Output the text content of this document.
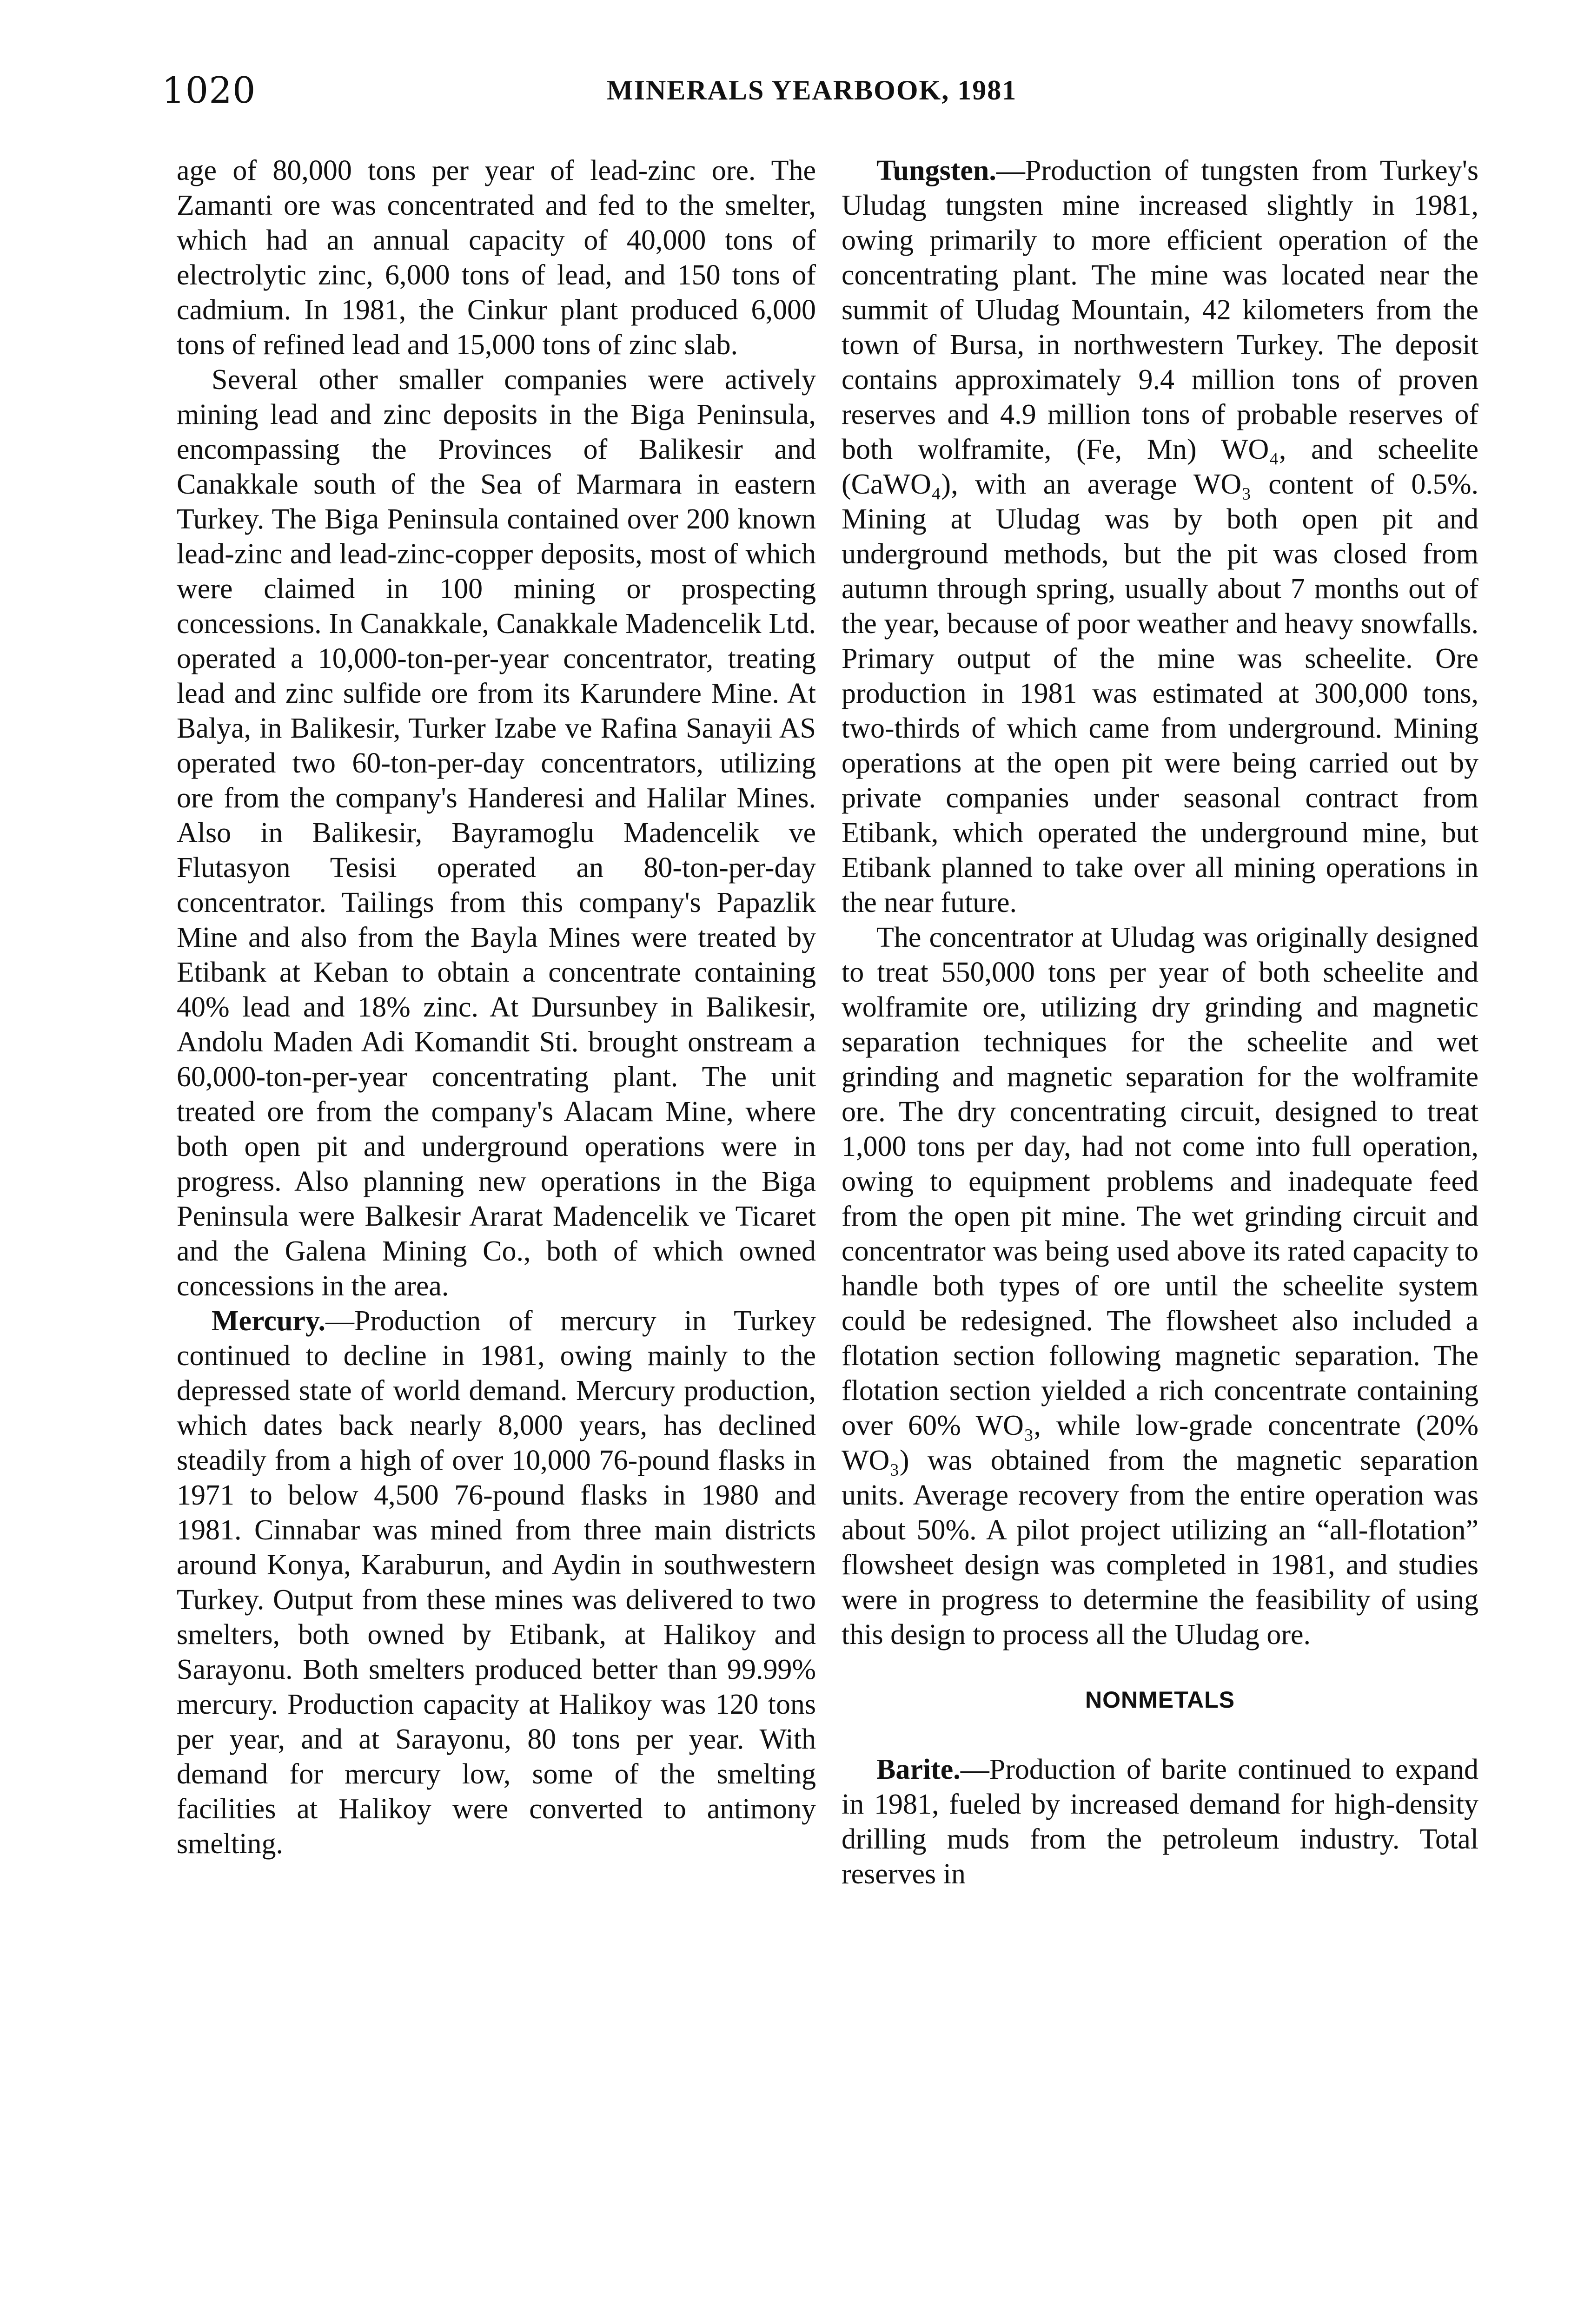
1020	MINERALS YEARBOOK, 1981

age of 80,000 tons per year of lead-zinc ore. The Zamanti ore was concentrated and fed to the smelter, which had an annual capacity of 40,000 tons of electrolytic zinc, 6,000 tons of lead, and 150 tons of cadmium. In 1981, the Cinkur plant produced 6,000 tons of refined lead and 15,000 tons of zinc slab.

Several other smaller companies were actively mining lead and zinc deposits in the Biga Peninsula, encompassing the Provinces of Balikesir and Canakkale south of the Sea of Marmara in eastern Turkey. The Biga Peninsula contained over 200 known lead-zinc and lead-zinc-copper deposits, most of which were claimed in 100 mining or prospecting concessions. In Canakkale, Canakkale Madencelik Ltd. operated a 10,000-ton-per-year concentrator, treating lead and zinc sulfide ore from its Karundere Mine. At Balya, in Balikesir, Turker Izabe ve Rafina Sanayii AS operated two 60-ton-per-day concentrators, utilizing ore from the company's Handeresi and Halilar Mines. Also in Balikesir, Bayramoglu Madencelik ve Flutasyon Tesisi operated an 80-ton-per-day concentrator. Tailings from this company's Papazlik Mine and also from the Bayla Mines were treated by Etibank at Keban to obtain a concentrate containing 40% lead and 18% zinc. At Dursunbey in Balikesir, Andolu Maden Adi Komandit Sti. brought onstream a 60,000-ton-per-year concentrating plant. The unit treated ore from the company's Alacam Mine, where both open pit and underground operations were in progress. Also planning new operations in the Biga Peninsula were Balkesir Ararat Madencelik ve Ticaret and the Galena Mining Co., both of which owned concessions in the area.

Mercury.—Production of mercury in Turkey continued to decline in 1981, owing mainly to the depressed state of world demand. Mercury production, which dates back nearly 8,000 years, has declined steadily from a high of over 10,000 76-pound flasks in 1971 to below 4,500 76-pound flasks in 1980 and 1981. Cinnabar was mined from three main districts around Konya, Karaburun, and Aydin in southwestern Turkey. Output from these mines was delivered to two smelters, both owned by Etibank, at Halikoy and Sarayonu. Both smelters produced better than 99.99% mercury. Production capacity at Halikoy was 120 tons per year, and at Sarayonu, 80 tons per year. With demand for mercury low, some of the smelting facilities at Halikoy were converted to antimony smelting.

Tungsten.—Production of tungsten from Turkey's Uludag tungsten mine increased slightly in 1981, owing primarily to more efficient operation of the concentrating plant. The mine was located near the summit of Uludag Mountain, 42 kilometers from the town of Bursa, in northwestern Turkey. The deposit contains approximately 9.4 million tons of proven reserves and 4.9 million tons of probable reserves of both wolframite, (Fe, Mn) WO₄, and scheelite (CaWO₄), with an average WO₃ content of 0.5%. Mining at Uludag was by both open pit and underground methods, but the pit was closed from autumn through spring, usually about 7 months out of the year, because of poor weather and heavy snowfalls. Primary output of the mine was scheelite. Ore production in 1981 was estimated at 300,000 tons, two-thirds of which came from underground. Mining operations at the open pit were being carried out by private companies under seasonal contract from Etibank, which operated the underground mine, but Etibank planned to take over all mining operations in the near future.

The concentrator at Uludag was originally designed to treat 550,000 tons per year of both scheelite and wolframite ore, utilizing dry grinding and magnetic separation techniques for the scheelite and wet grinding and magnetic separation for the wolframite ore. The dry concentrating circuit, designed to treat 1,000 tons per day, had not come into full operation, owing to equipment problems and inadequate feed from the open pit mine. The wet grinding circuit and concentrator was being used above its rated capacity to handle both types of ore until the scheelite system could be redesigned. The flowsheet also included a flotation section following magnetic separation. The flotation section yielded a rich concentrate containing over 60% WO₃, while low-grade concentrate (20% WO₃) was obtained from the magnetic separation units. Average recovery from the entire operation was about 50%. A pilot project utilizing an “all-flotation” flowsheet design was completed in 1981, and studies were in progress to determine the feasibility of using this design to process all the Uludag ore.

NONMETALS

Barite.—Production of barite continued to expand in 1981, fueled by increased demand for high-density drilling muds from the petroleum industry. Total reserves in
